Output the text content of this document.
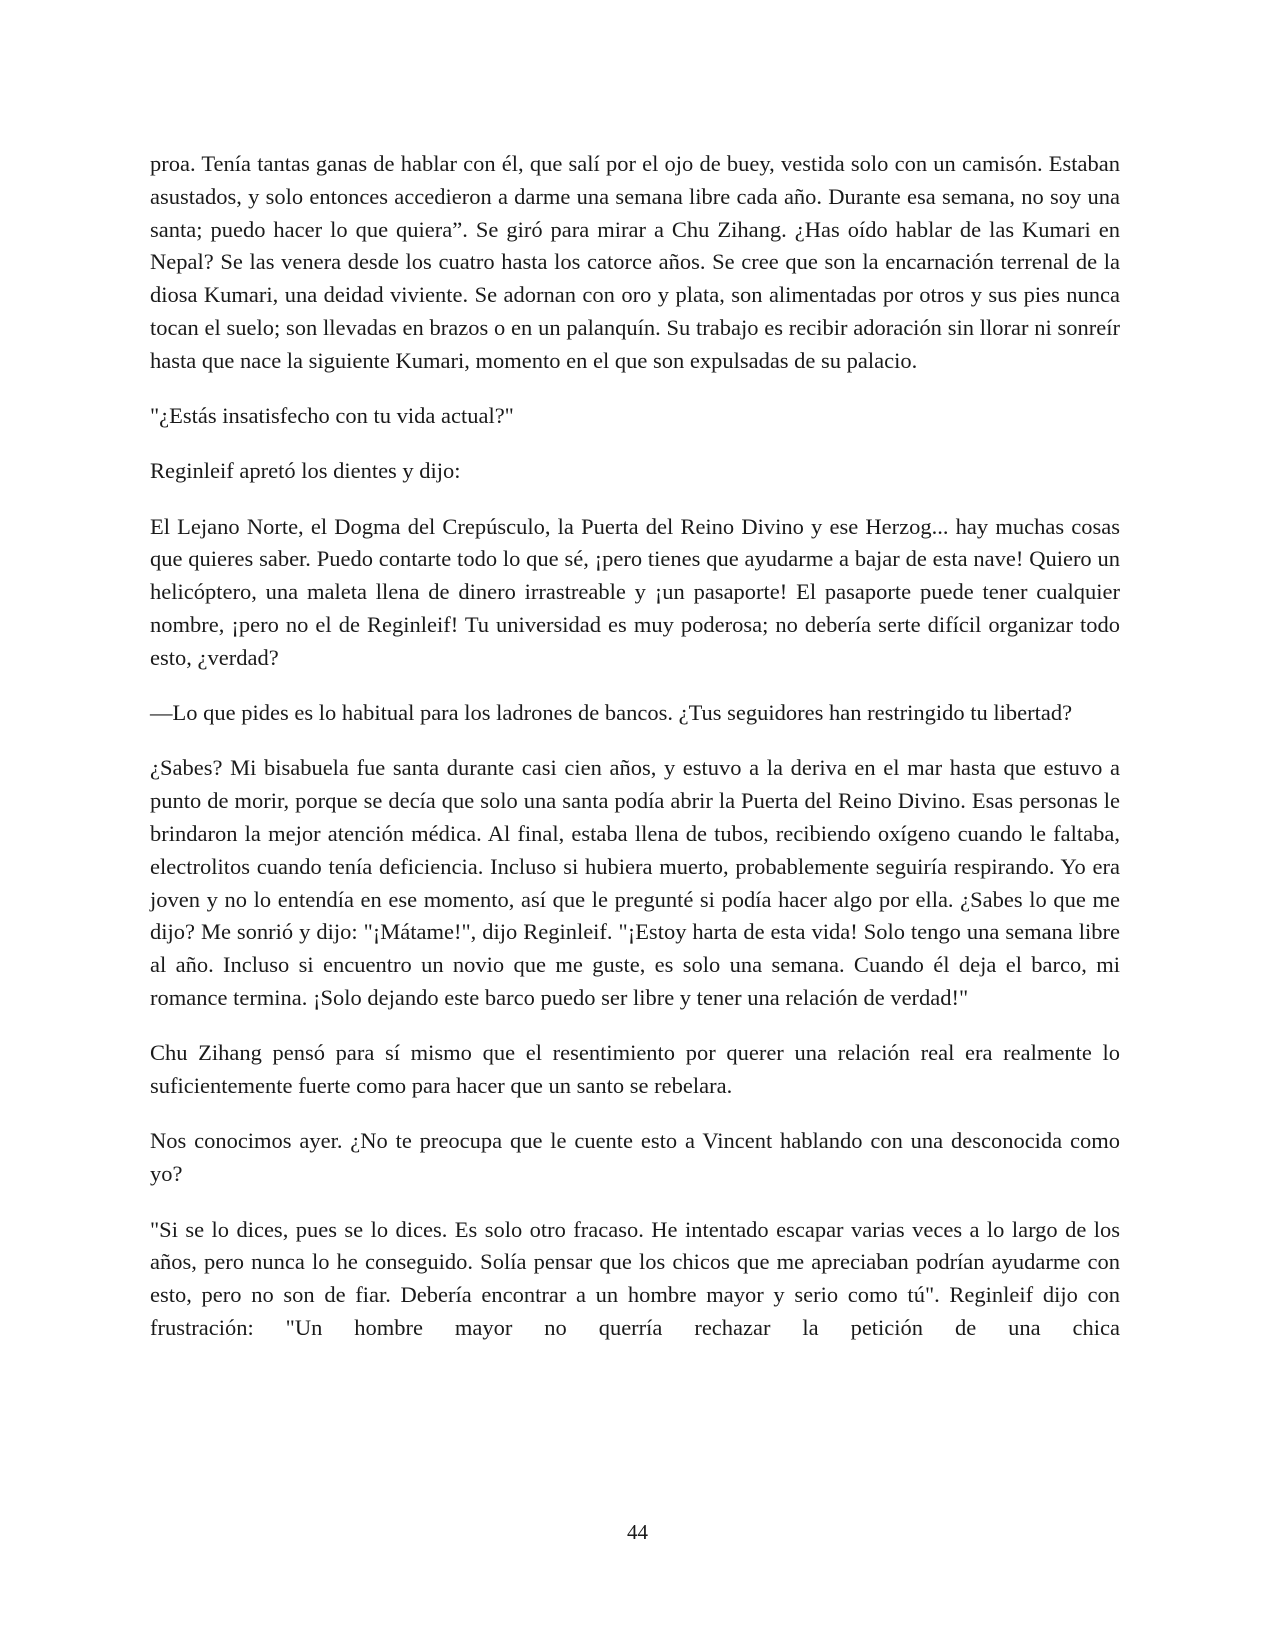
proa. Tenía tantas ganas de hablar con él, que salí por el ojo de buey, vestida solo con un camisón. Estaban asustados, y solo entonces accedieron a darme una semana libre cada año. Durante esa semana, no soy una santa; puedo hacer lo que quiera”. Se giró para mirar a Chu Zihang. ¿Has oído hablar de las Kumari en Nepal? Se las venera desde los cuatro hasta los catorce años. Se cree que son la encarnación terrenal de la diosa Kumari, una deidad viviente. Se adornan con oro y plata, son alimentadas por otros y sus pies nunca tocan el suelo; son llevadas en brazos o en un palanquín. Su trabajo es recibir adoración sin llorar ni sonreír hasta que nace la siguiente Kumari, momento en el que son expulsadas de su palacio.

"¿Estás insatisfecho con tu vida actual?"

Reginleif apretó los dientes y dijo:

El Lejano Norte, el Dogma del Crepúsculo, la Puerta del Reino Divino y ese Herzog... hay muchas cosas que quieres saber. Puedo contarte todo lo que sé, ¡pero tienes que ayudarme a bajar de esta nave! Quiero un helicóptero, una maleta llena de dinero irrastreable y ¡un pasaporte! El pasaporte puede tener cualquier nombre, ¡pero no el de Reginleif! Tu universidad es muy poderosa; no debería serte difícil organizar todo esto, ¿verdad?

—Lo que pides es lo habitual para los ladrones de bancos. ¿Tus seguidores han restringido tu libertad?

¿Sabes? Mi bisabuela fue santa durante casi cien años, y estuvo a la deriva en el mar hasta que estuvo a punto de morir, porque se decía que solo una santa podía abrir la Puerta del Reino Divino. Esas personas le brindaron la mejor atención médica. Al final, estaba llena de tubos, recibiendo oxígeno cuando le faltaba, electrolitos cuando tenía deficiencia. Incluso si hubiera muerto, probablemente seguiría respirando. Yo era joven y no lo entendía en ese momento, así que le pregunté si podía hacer algo por ella. ¿Sabes lo que me dijo? Me sonrió y dijo: "¡Mátame!", dijo Reginleif. "¡Estoy harta de esta vida! Solo tengo una semana libre al año. Incluso si encuentro un novio que me guste, es solo una semana. Cuando él deja el barco, mi romance termina. ¡Solo dejando este barco puedo ser libre y tener una relación de verdad!"

Chu Zihang pensó para sí mismo que el resentimiento por querer una relación real era realmente lo suficientemente fuerte como para hacer que un santo se rebelara.

Nos conocimos ayer. ¿No te preocupa que le cuente esto a Vincent hablando con una desconocida como yo?

"Si se lo dices, pues se lo dices. Es solo otro fracaso. He intentado escapar varias veces a lo largo de los años, pero nunca lo he conseguido. Solía pensar que los chicos que me apreciaban podrían ayudarme con esto, pero no son de fiar. Debería encontrar a un hombre mayor y serio como tú". Reginleif dijo con frustración: "Un hombre mayor no querría rechazar la petición de una chica

44
